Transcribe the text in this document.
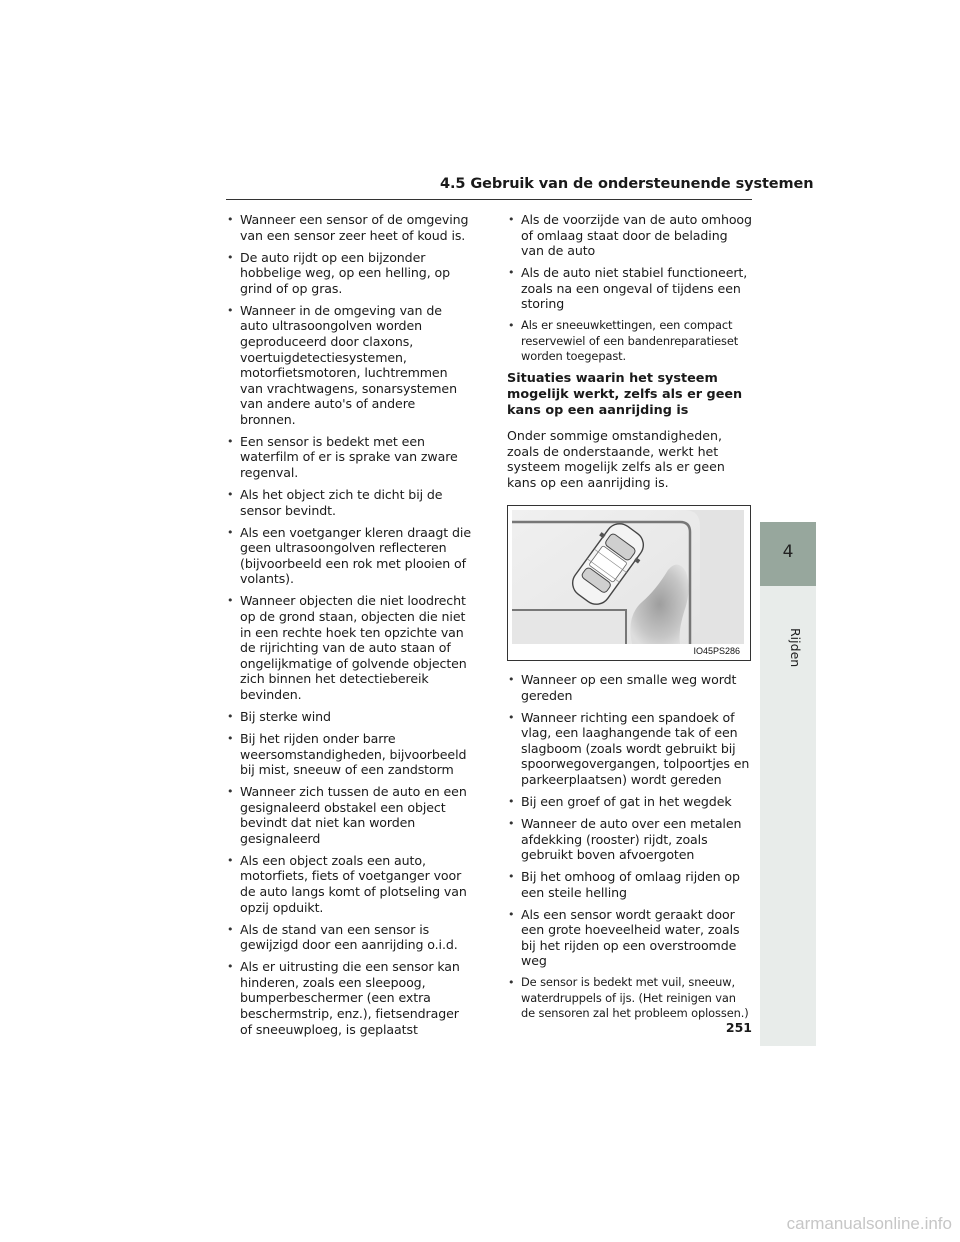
4.5 Gebruik van de ondersteunende systemen
• Wanneer een sensor of de omgeving van een sensor zeer heet of koud is.
• De auto rijdt op een bijzonder hobbelige weg, op een helling, op grind of op gras.
• Wanneer in de omgeving van de auto ultrasoongolven worden geproduceerd door claxons, voertuigdetectiesystemen, motorfietsmotoren, luchtremmen van vrachtwagens, sonarsystemen van andere auto's of andere bronnen.
• Een sensor is bedekt met een waterfilm of er is sprake van zware regenval.
• Als het object zich te dicht bij de sensor bevindt.
• Als een voetganger kleren draagt die geen ultrasoongolven reflecteren (bijvoorbeeld een rok met plooien of volants).
• Wanneer objecten die niet loodrecht op de grond staan, objecten die niet in een rechte hoek ten opzichte van de rijrichting van de auto staan of ongelijkmatige of golvende objecten zich binnen het detectiebereik bevinden.
• Bij sterke wind
• Bij het rijden onder barre weersomstandigheden, bijvoorbeeld bij mist, sneeuw of een zandstorm
• Wanneer zich tussen de auto en een gesignaleerd obstakel een object bevindt dat niet kan worden gesignaleerd
• Als een object zoals een auto, motorfiets, fiets of voetganger voor de auto langs komt of plotseling van opzij opduikt.
• Als de stand van een sensor is gewijzigd door een aanrijding o.i.d.
• Als er uitrusting die een sensor kan hinderen, zoals een sleepoog, bumperbeschermer (een extra beschermstrip, enz.), fietsendrager of sneeuwploeg, is geplaatst
• Als de voorzijde van de auto omhoog of omlaag staat door de belading van de auto
• Als de auto niet stabiel functioneert, zoals na een ongeval of tijdens een storing
• Als er sneeuwkettingen, een compact reservewiel of een bandenreparatieset worden toegepast.
Situaties waarin het systeem mogelijk werkt, zelfs als er geen kans op een aanrijding is

Onder sommige omstandigheden, zoals de onderstaande, werkt het systeem mogelijk zelfs als er geen kans op een aanrijding is.

IO45PS286
• Wanneer op een smalle weg wordt gereden
• Wanneer richting een spandoek of vlag, een laaghangende tak of een slagboom (zoals wordt gebruikt bij spoorwegovergangen, tolpoortjes en parkeerplaatsen) wordt gereden
• Bij een groef of gat in het wegdek
• Wanneer de auto over een metalen afdekking (rooster) rijdt, zoals gebruikt boven afvoergoten
• Bij het omhoog of omlaag rijden op een steile helling
• Als een sensor wordt geraakt door een grote hoeveelheid water, zoals bij het rijden op een overstroomde weg
• De sensor is bedekt met vuil, sneeuw, waterdruppels of ijs. (Het reinigen van de sensoren zal het probleem oplossen.)
4
Rijden
251
carmanualsonline.info
